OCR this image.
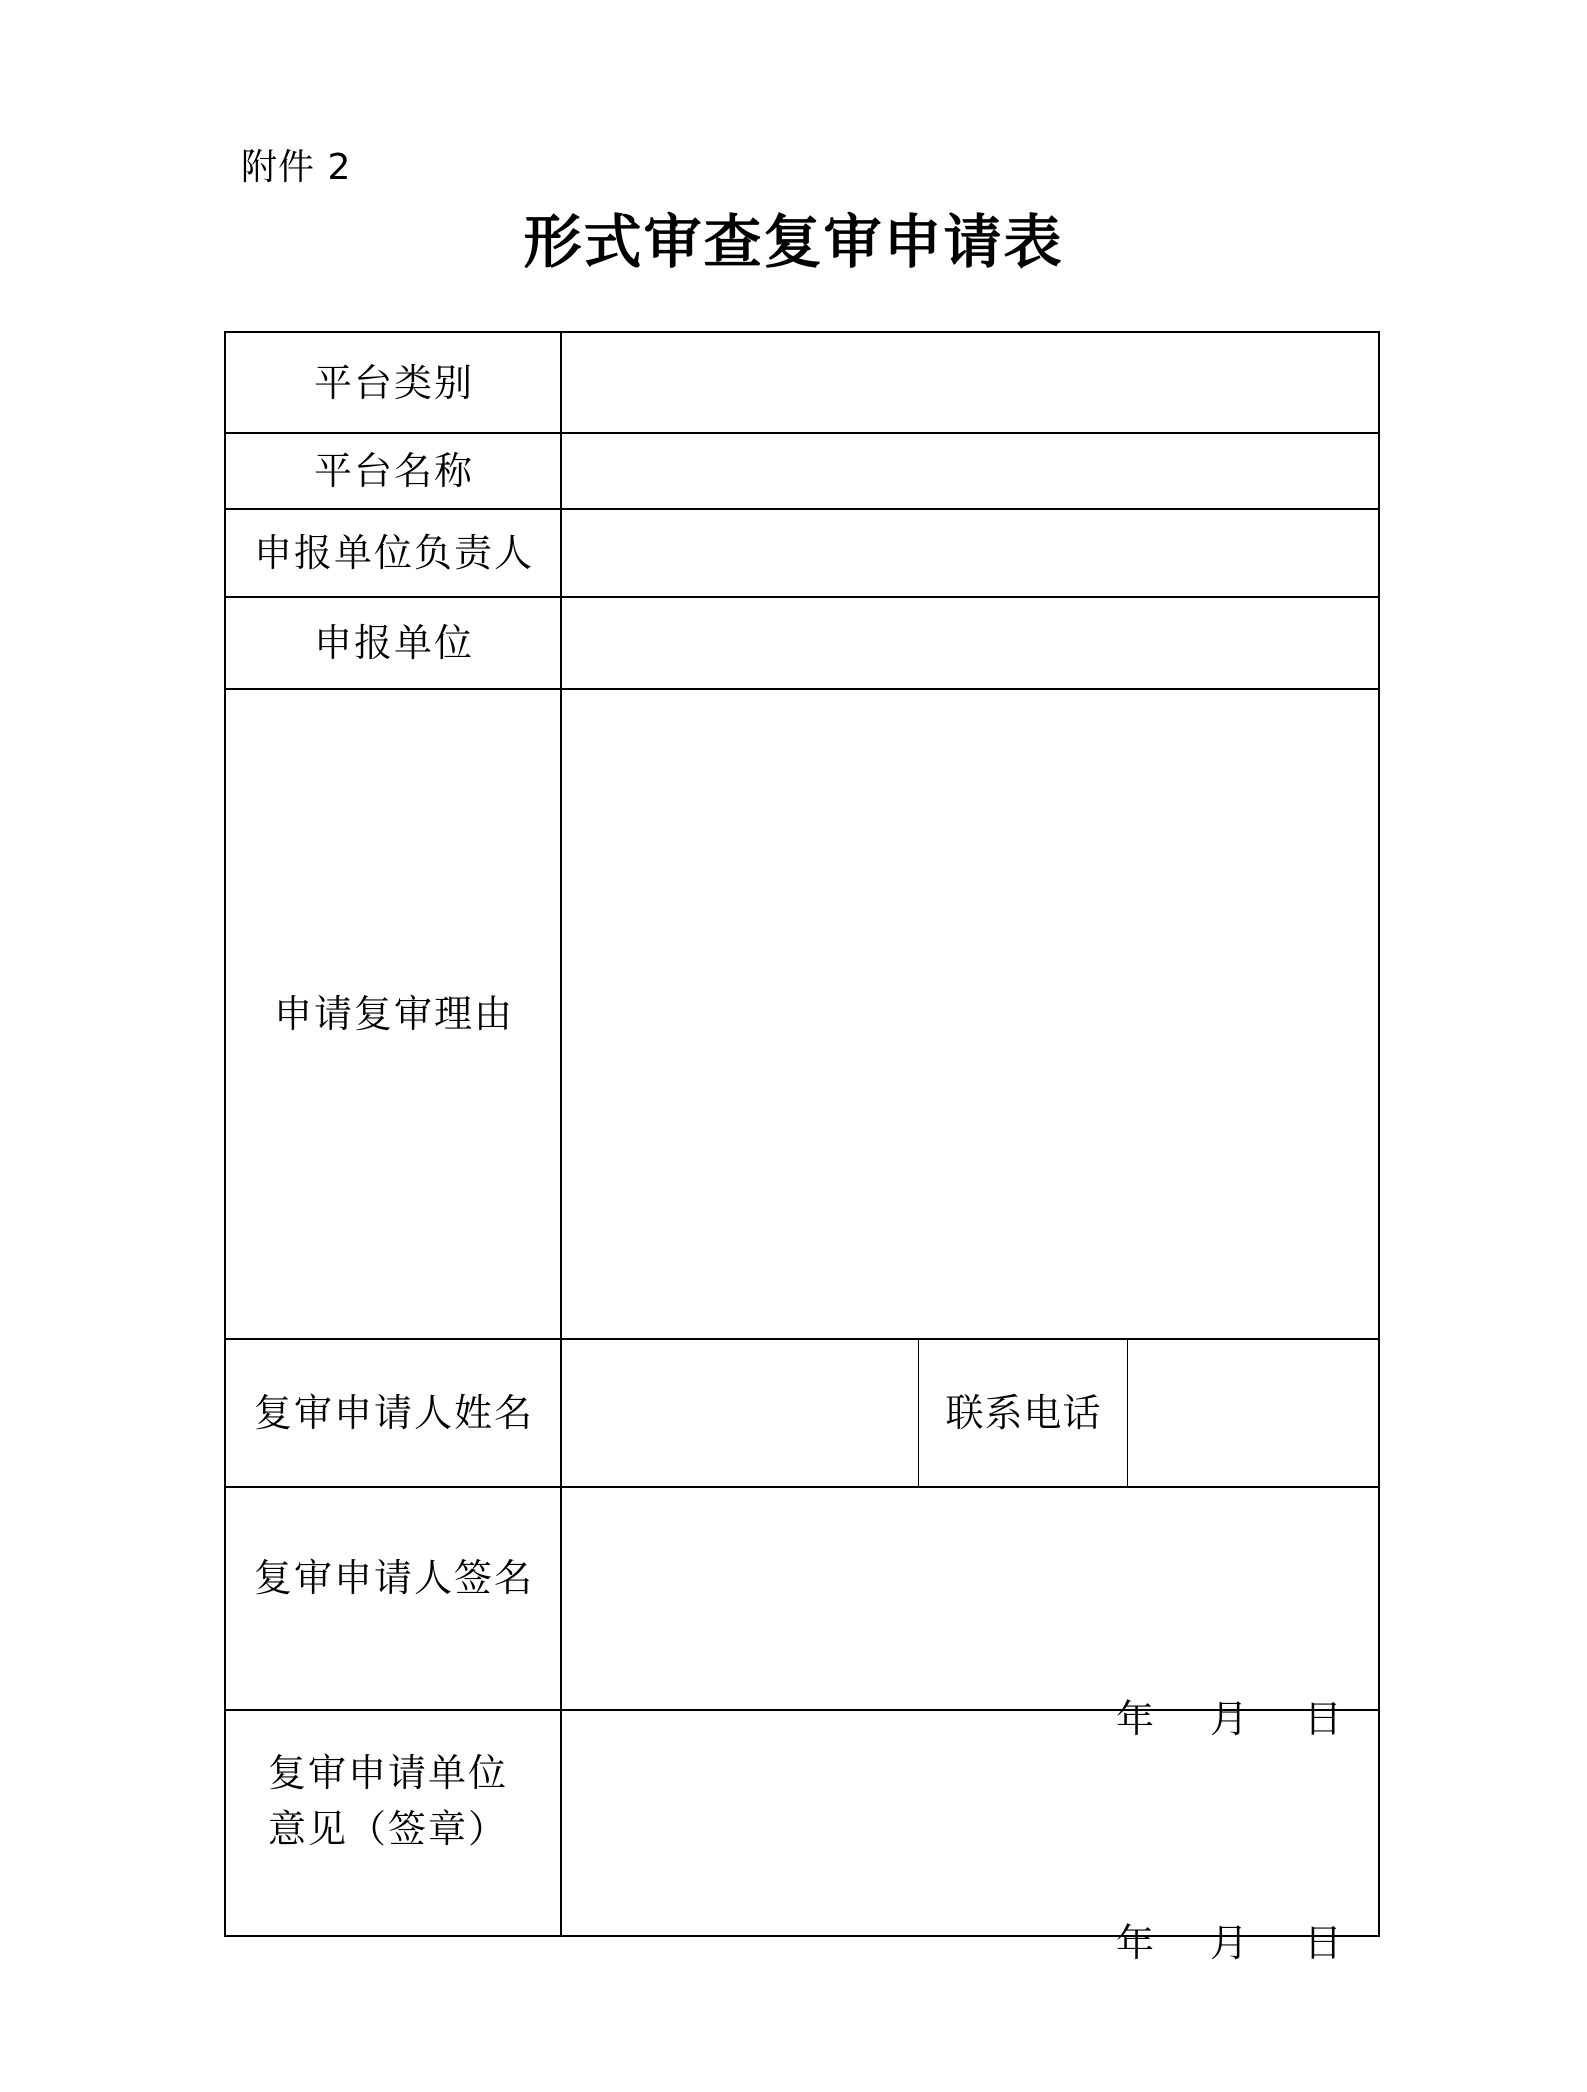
附件 2
形式审查复审申请表
平台类别
平台名称
申报单位负责人
申报单位
申请复审理由
复审申请人姓名	联系电话
复审申请人签名

年 月 日

复审申请单位
意见（签章）

年 月 日
